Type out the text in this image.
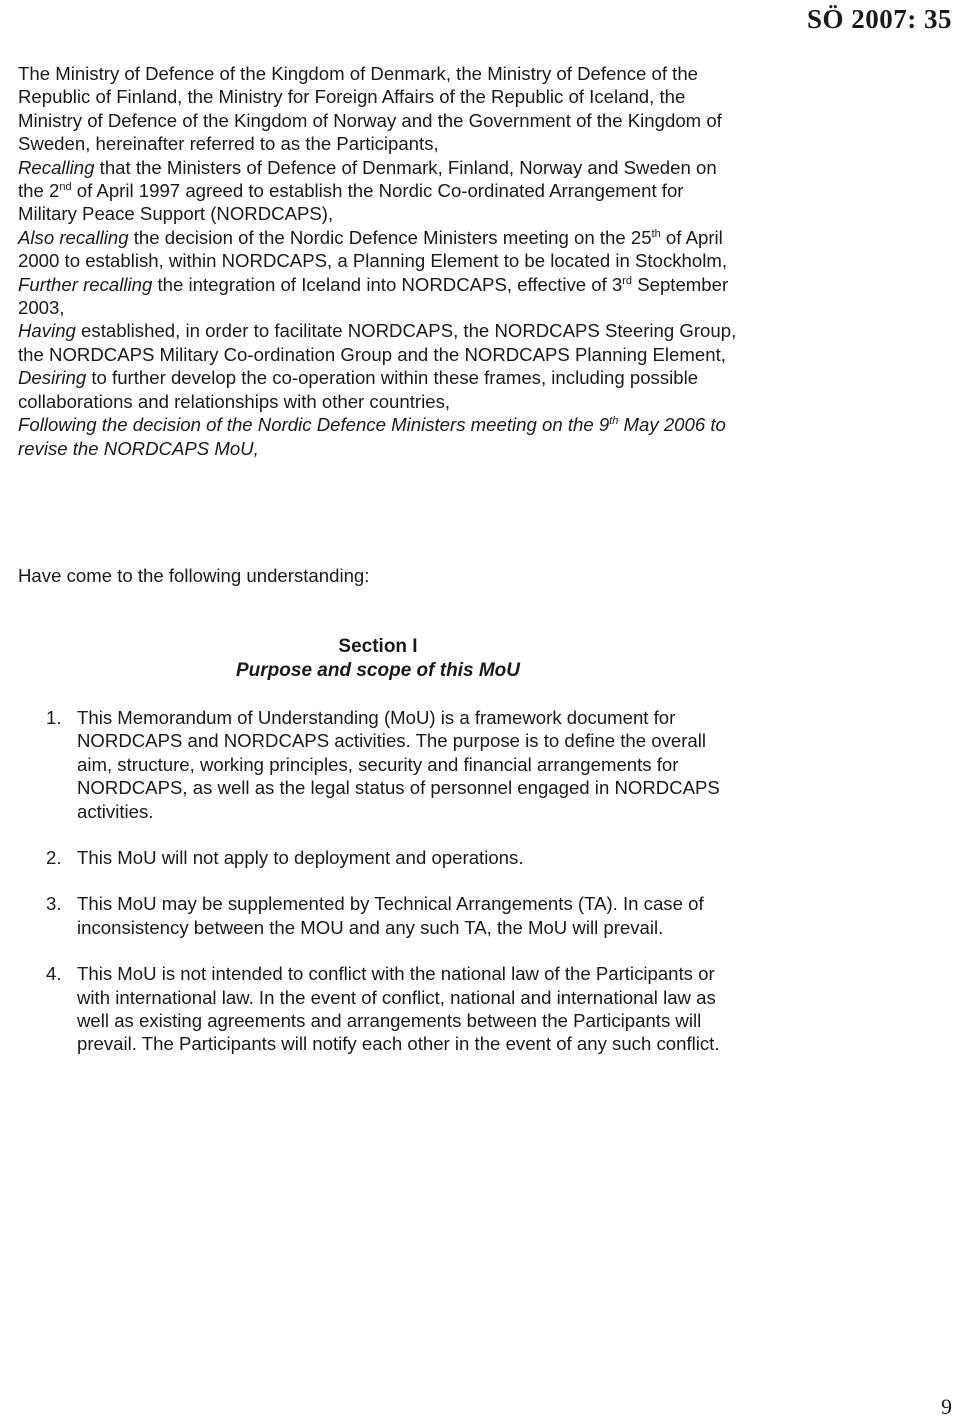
SÖ 2007: 35

The Ministry of Defence of the Kingdom of Denmark, the Ministry of Defence of the Republic of Finland, the Ministry for Foreign Affairs of the Republic of Iceland, the Ministry of Defence of the Kingdom of Norway and the Government of the Kingdom of Sweden, hereinafter referred to as the Participants,

Recalling that the Ministers of Defence of Denmark, Finland, Norway and Sweden on the 2nd of April 1997 agreed to establish the Nordic Co-ordinated Arrangement for Military Peace Support (NORDCAPS),

Also recalling the decision of the Nordic Defence Ministers meeting on the 25th of April 2000 to establish, within NORDCAPS, a Planning Element to be located in Stockholm,

Further recalling the integration of Iceland into NORDCAPS, effective of 3rd September 2003,

Having established, in order to facilitate NORDCAPS, the NORDCAPS Steering Group, the NORDCAPS Military Co-ordination Group and the NORDCAPS Planning Element,

Desiring to further develop the co-operation within these frames, including possible collaborations and relationships with other countries,

Following the decision of the Nordic Defence Ministers meeting on the 9th May 2006 to revise the NORDCAPS MoU,

Have come to the following understanding:
Section I
Purpose and scope of this MoU
1. This Memorandum of Understanding (MoU) is a framework document for NORDCAPS and NORDCAPS activities. The purpose is to define the overall aim, structure, working principles, security and financial arrangements for NORDCAPS, as well as the legal status of personnel engaged in NORDCAPS activities.
2. This MoU will not apply to deployment and operations.
3. This MoU may be supplemented by Technical Arrangements (TA). In case of inconsistency between the MOU and any such TA, the MoU will prevail.
4. This MoU is not intended to conflict with the national law of the Participants or with international law. In the event of conflict, national and international law as well as existing agreements and arrangements between the Participants will prevail. The Participants will notify each other in the event of any such conflict.
9
